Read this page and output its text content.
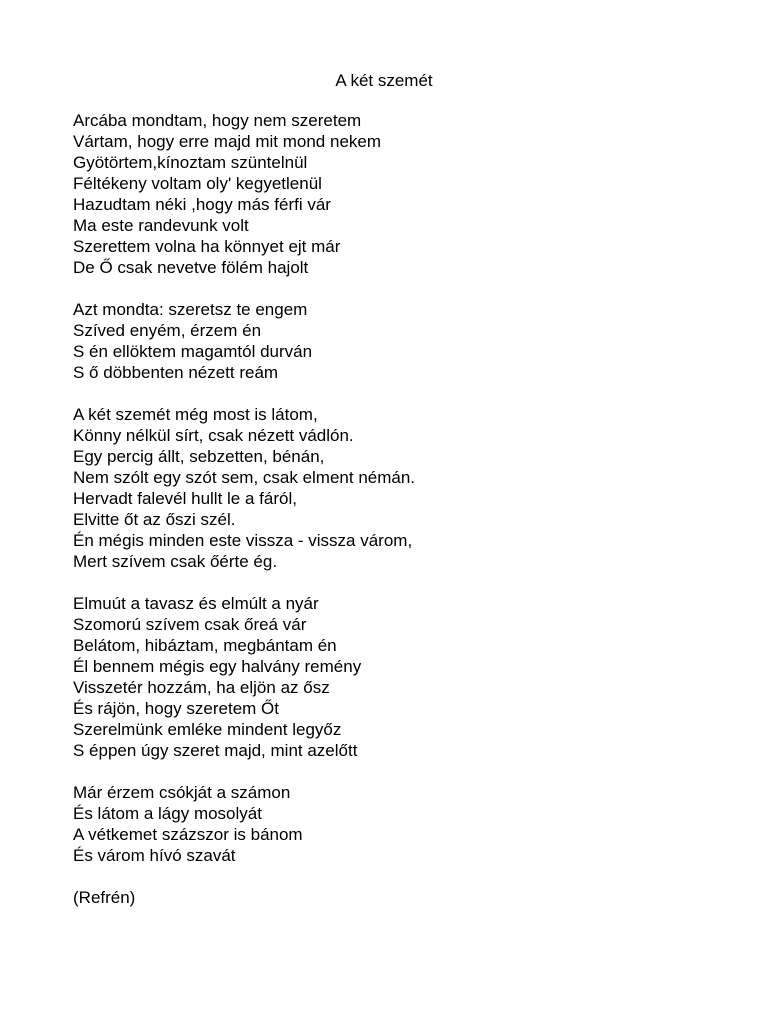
A két szemét
Arcába mondtam, hogy nem szeretem
Vártam, hogy erre majd mit mond nekem
Gyötörtem,kínoztam szüntelnül
Féltékeny voltam oly' kegyetlenül
Hazudtam néki ,hogy más férfi vár
Ma este randevunk volt
Szerettem volna ha könnyet ejt már
De Ő csak nevetve fölém hajolt
Azt mondta: szeretsz te engem
Szíved enyém, érzem én
S én ellöktem magamtól durván
S ő döbbenten nézett reám
A két szemét még most is látom,
Könny nélkül sírt, csak nézett vádlón.
Egy percig állt, sebzetten, bénán,
Nem szólt egy szót sem, csak elment némán.
Hervadt falevél hullt le a fáról,
Elvitte őt az őszi szél.
Én mégis minden este vissza - vissza várom,
Mert szívem csak őérte ég.
Elmuút a tavasz és elmúlt a nyár
Szomorú szívem csak őreá vár
Belátom, hibáztam, megbántam én
Él bennem mégis egy halvány remény
Visszetér hozzám, ha eljön az ősz
És rájön, hogy szeretem Őt
Szerelmünk emléke mindent legyőz
S éppen úgy szeret majd, mint azelőtt
Már érzem csókját a számon
És látom a lágy mosolyát
A vétkemet százszor is bánom
És várom hívó szavát
(Refrén)
